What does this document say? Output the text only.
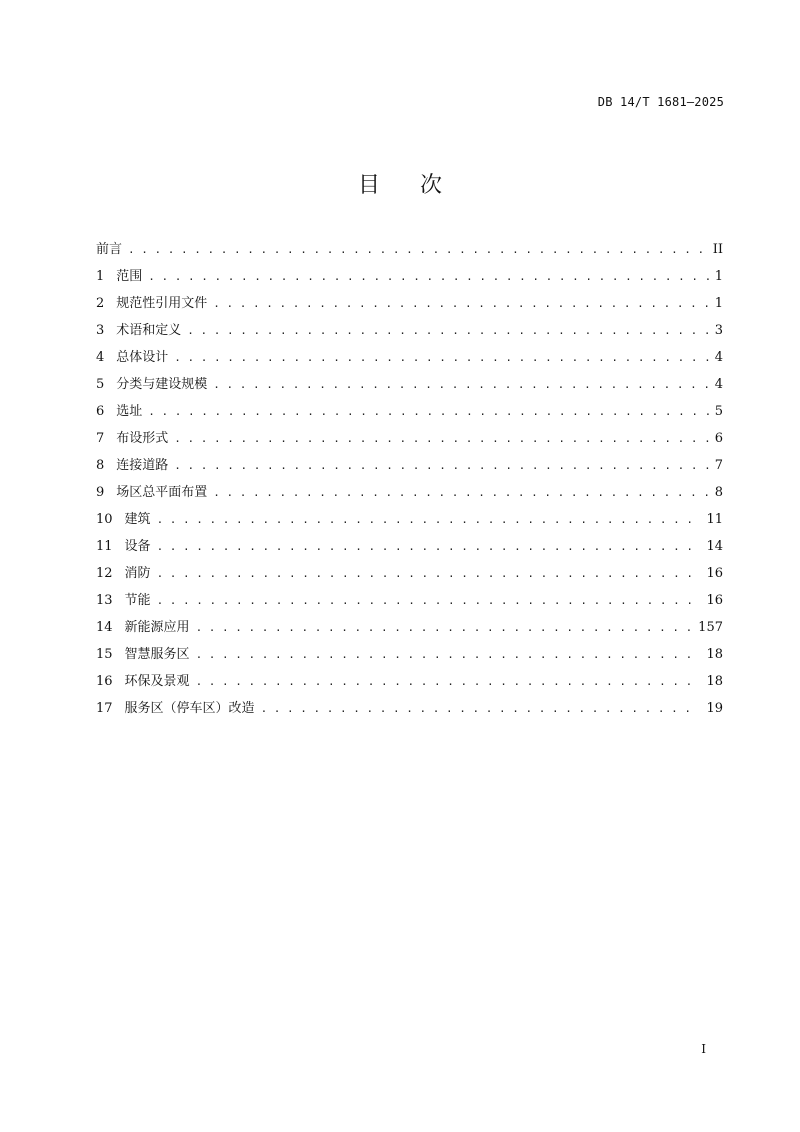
DB 14/T 1681—2025
目次
前言 . . .	II
1 范围 . . .	1
2 规范性引用文件 . . .	1
3 术语和定义 . . .	3
4 总体设计 . . .	4
5 分类与建设规模 . . .	4
6 选址 . . .	5
7 布设形式 . . .	6
8 连接道路 . . .	7
9 场区总平面布置 . . .	8
10 建筑 . . .	11
11 设备 . . .	14
12 消防 . . .	16
13 节能 . . .	16
14 新能源应用 . . .	157
15 智慧服务区 . . .	18
16 环保及景观 . . .	18
17 服务区（停车区）改造 . . .	19
I
